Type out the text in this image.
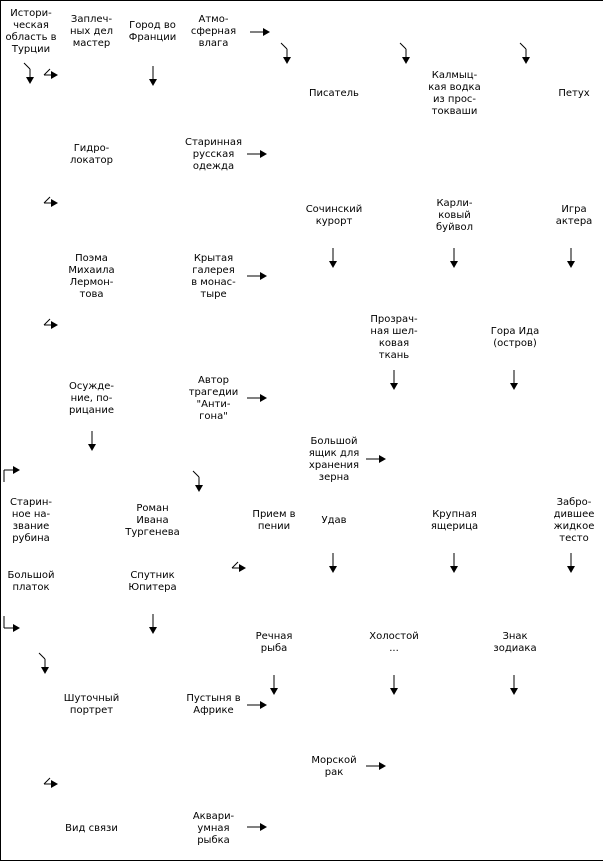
Истори-
ческая
область в
Турции
Заплеч-
ных дел
мастер
Город во
Франции
Атмо-
сферная
влага
Писатель
Калмыц-
кая водка
из прос-
токваши
Петух
Гидро-
локатор
Старинная
русская
одежда
Сочинский
курорт
Карли-
ковый
буйвол
Игра
актера
Поэма
Михаила
Лермон-
това
Крытая
галерея
в монас-
тыре
Прозрач-
ная шел-
ковая
ткань
Гора Ида
(остров)
Осужде-
ние, по-
рицание
Автор
трагедии
"Анти-
гона"
Большой
ящик для
хранения
зерна
Старин-
ное на-
звание
рубина
Роман
Ивана
Тургенева
Прием в
пении
Удав
Крупная
ящерица
Забро-
дившее
жидкое
тесто
Большой
платок
Спутник
Юпитера
Речная
рыба
Холостой
...
Знак
зодиака
Шуточный
портрет
Пустыня в
Африке
Морской
рак
Вид связи
Аквари-
умная
рыбка
